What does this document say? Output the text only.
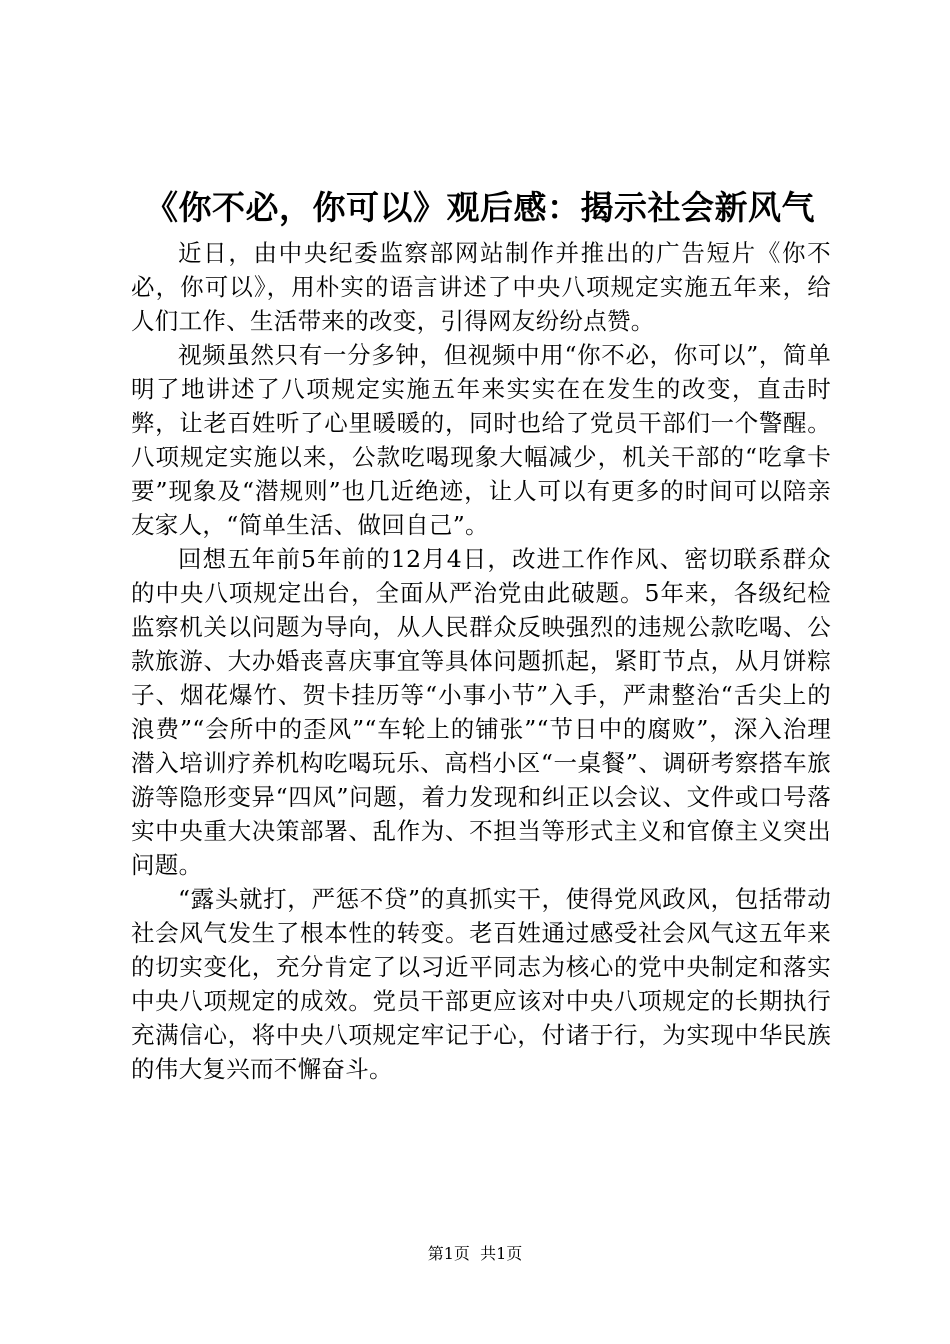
《你不必，你可以》观后感：揭示社会新风气

近日，由中央纪委监察部网站制作并推出的广告短片《你不必，你可以》，用朴实的语言讲述了中央八项规定实施五年来，给人们工作、生活带来的改变，引得网友纷纷点赞。

视频虽然只有一分多钟，但视频中用“你不必，你可以”，简单明了地讲述了八项规定实施五年来实实在在发生的改变，直击时弊，让老百姓听了心里暖暖的，同时也给了党员干部们一个警醒。八项规定实施以来，公款吃喝现象大幅减少，机关干部的“吃拿卡要”现象及“潜规则”也几近绝迹，让人可以有更多的时间可以陪亲友家人，“简单生活、做回自己”。

回想五年前5年前的12月4日，改进工作作风、密切联系群众的中央八项规定出台，全面从严治党由此破题。5年来，各级纪检监察机关以问题为导向，从人民群众反映强烈的违规公款吃喝、公款旅游、大办婚丧喜庆事宜等具体问题抓起，紧盯节点，从月饼粽子、烟花爆竹、贺卡挂历等“小事小节”入手，严肃整治“舌尖上的浪费”“会所中的歪风”“车轮上的铺张”“节日中的腐败”，深入治理潜入培训疗养机构吃喝玩乐、高档小区“一桌餐”、调研考察搭车旅游等隐形变异“四风”问题，着力发现和纠正以会议、文件或口号落实中央重大决策部署、乱作为、不担当等形式主义和官僚主义突出问题。

“露头就打，严惩不贷”的真抓实干，使得党风政风，包括带动社会风气发生了根本性的转变。老百姓通过感受社会风气这五年来的切实变化，充分肯定了以习近平同志为核心的党中央制定和落实中央八项规定的成效。党员干部更应该对中央八项规定的长期执行充满信心，将中央八项规定牢记于心，付诸于行，为实现中华民族的伟大复兴而不懈奋斗。

第1页 共1页
